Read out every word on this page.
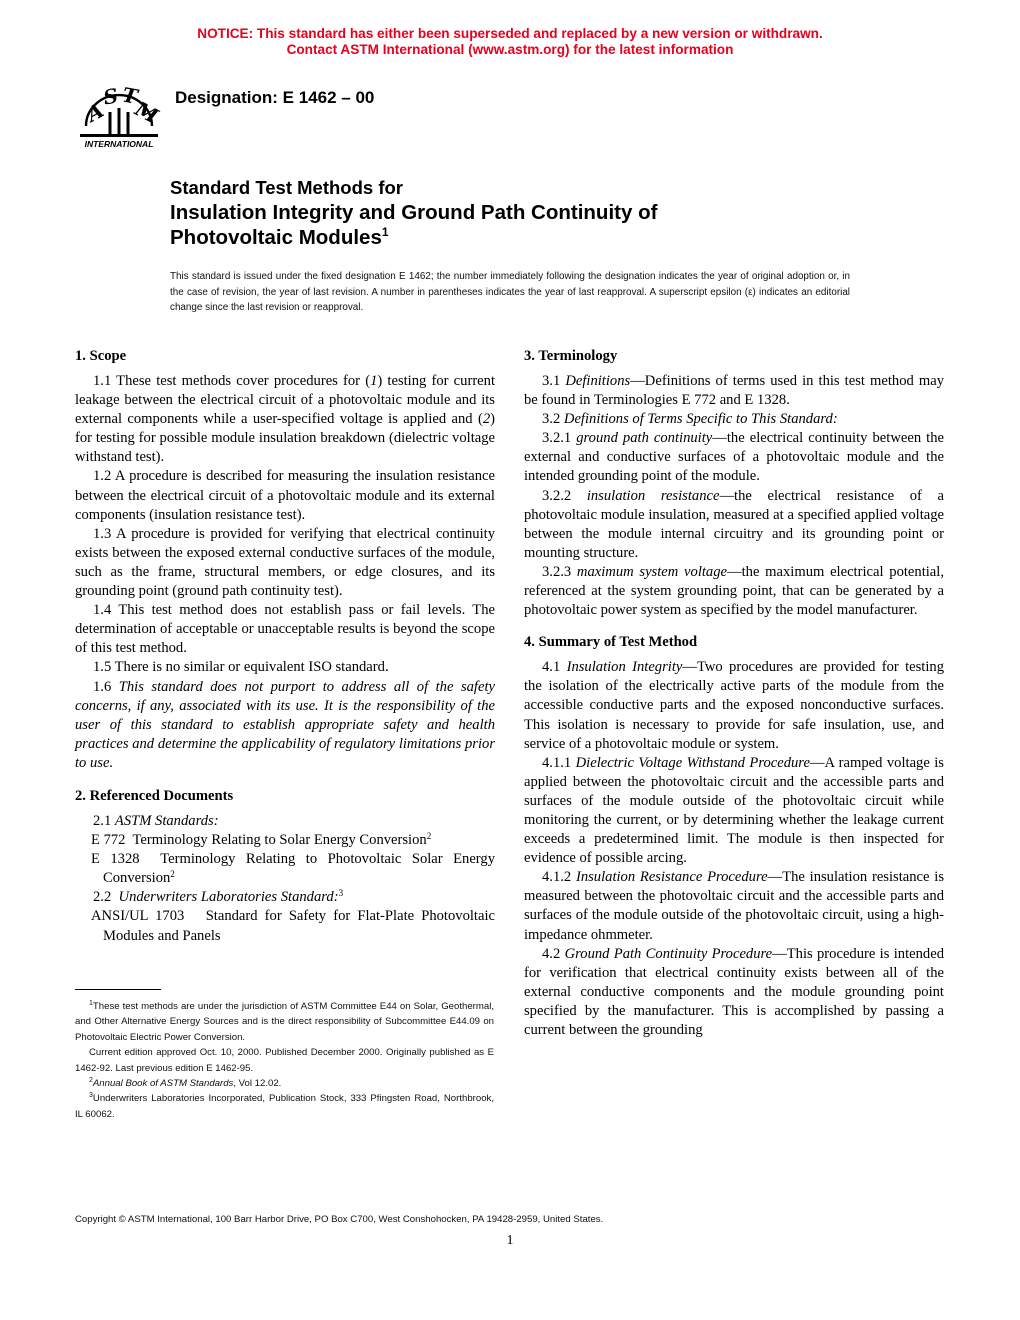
NOTICE: This standard has either been superseded and replaced by a new version or withdrawn.
Contact ASTM International (www.astm.org) for the latest information
A
S T
M
INTERNATIONAL
Designation: E 1462 – 00
Standard Test Methods for
Insulation Integrity and Ground Path Continuity of
Photovoltaic Modules$^1$
This standard is issued under the fixed designation E 1462; the number immediately following the designation indicates the year of original adoption or, in the case of revision, the year of last revision. A number in parentheses indicates the year of last reapproval. A superscript epsilon (ε) indicates an editorial change since the last revision or reapproval.
1. Scope

1.1 These test methods cover procedures for (1) testing for current leakage between the electrical circuit of a photovoltaic module and its external components while a user-specified voltage is applied and (2) for testing for possible module insulation breakdown (dielectric voltage withstand test).

1.2 A procedure is described for measuring the insulation resistance between the electrical circuit of a photovoltaic module and its external components (insulation resistance test).

1.3 A procedure is provided for verifying that electrical continuity exists between the exposed external conductive surfaces of the module, such as the frame, structural members, or edge closures, and its grounding point (ground path continuity test).

1.4 This test method does not establish pass or fail levels. The determination of acceptable or unacceptable results is beyond the scope of this test method.

1.5 There is no similar or equivalent ISO standard.

1.6 This standard does not purport to address all of the safety concerns, if any, associated with its use. It is the responsibility of the user of this standard to establish appropriate safety and health practices and determine the applicability of regulatory limitations prior to use.

2. Referenced Documents

2.1 ASTM Standards:

E 772 Terminology Relating to Solar Energy Conversion$^2$

E 1328 Terminology Relating to Photovoltaic Solar Energy Conversion$^2$

2.2 Underwriters Laboratories Standard:$^3$

ANSI/UL 1703 Standard for Safety for Flat-Plate Photovoltaic Modules and Panels

3. Terminology

3.1 Definitions—Definitions of terms used in this test method may be found in Terminologies E 772 and E 1328.

3.2 Definitions of Terms Specific to This Standard:

3.2.1 ground path continuity—the electrical continuity between the external and conductive surfaces of a photovoltaic module and the intended grounding point of the module.

3.2.2 insulation resistance—the electrical resistance of a photovoltaic module insulation, measured at a specified applied voltage between the module internal circuitry and its grounding point or mounting structure.

3.2.3 maximum system voltage—the maximum electrical potential, referenced at the system grounding point, that can be generated by a photovoltaic power system as specified by the model manufacturer.

4. Summary of Test Method

4.1 Insulation Integrity—Two procedures are provided for testing the isolation of the electrically active parts of the module from the accessible conductive parts and the exposed nonconductive surfaces. This isolation is necessary to provide for safe insulation, use, and service of a photovoltaic module or system.

4.1.1 Dielectric Voltage Withstand Procedure—A ramped voltage is applied between the photovoltaic circuit and the accessible parts and surfaces of the module outside of the photovoltaic circuit while monitoring the current, or by determining whether the leakage current exceeds a predetermined limit. The module is then inspected for evidence of possible arcing.

4.1.2 Insulation Resistance Procedure—The insulation resistance is measured between the photovoltaic circuit and the accessible parts and surfaces of the module outside of the photovoltaic circuit, using a high-impedance ohmmeter.

4.2 Ground Path Continuity Procedure—This procedure is intended for verification that electrical continuity exists between all of the external conductive components and the module grounding point specified by the manufacturer. This is accomplished by passing a current between the grounding

$^1$These test methods are under the jurisdiction of ASTM Committee E44 on Solar, Geothermal, and Other Alternative Energy Sources and is the direct responsibility of Subcommittee E44.09 on Photovoltaic Electric Power Conversion.

Current edition approved Oct. 10, 2000. Published December 2000. Originally published as E 1462-92. Last previous edition E 1462-95.

$^2$Annual Book of ASTM Standards, Vol 12.02.

$^3$Underwriters Laboratories Incorporated, Publication Stock, 333 Pfingsten Road, Northbrook, IL 60062.

Copyright © ASTM International, 100 Barr Harbor Drive, PO Box C700, West Conshohocken, PA 19428-2959, United States.
1
